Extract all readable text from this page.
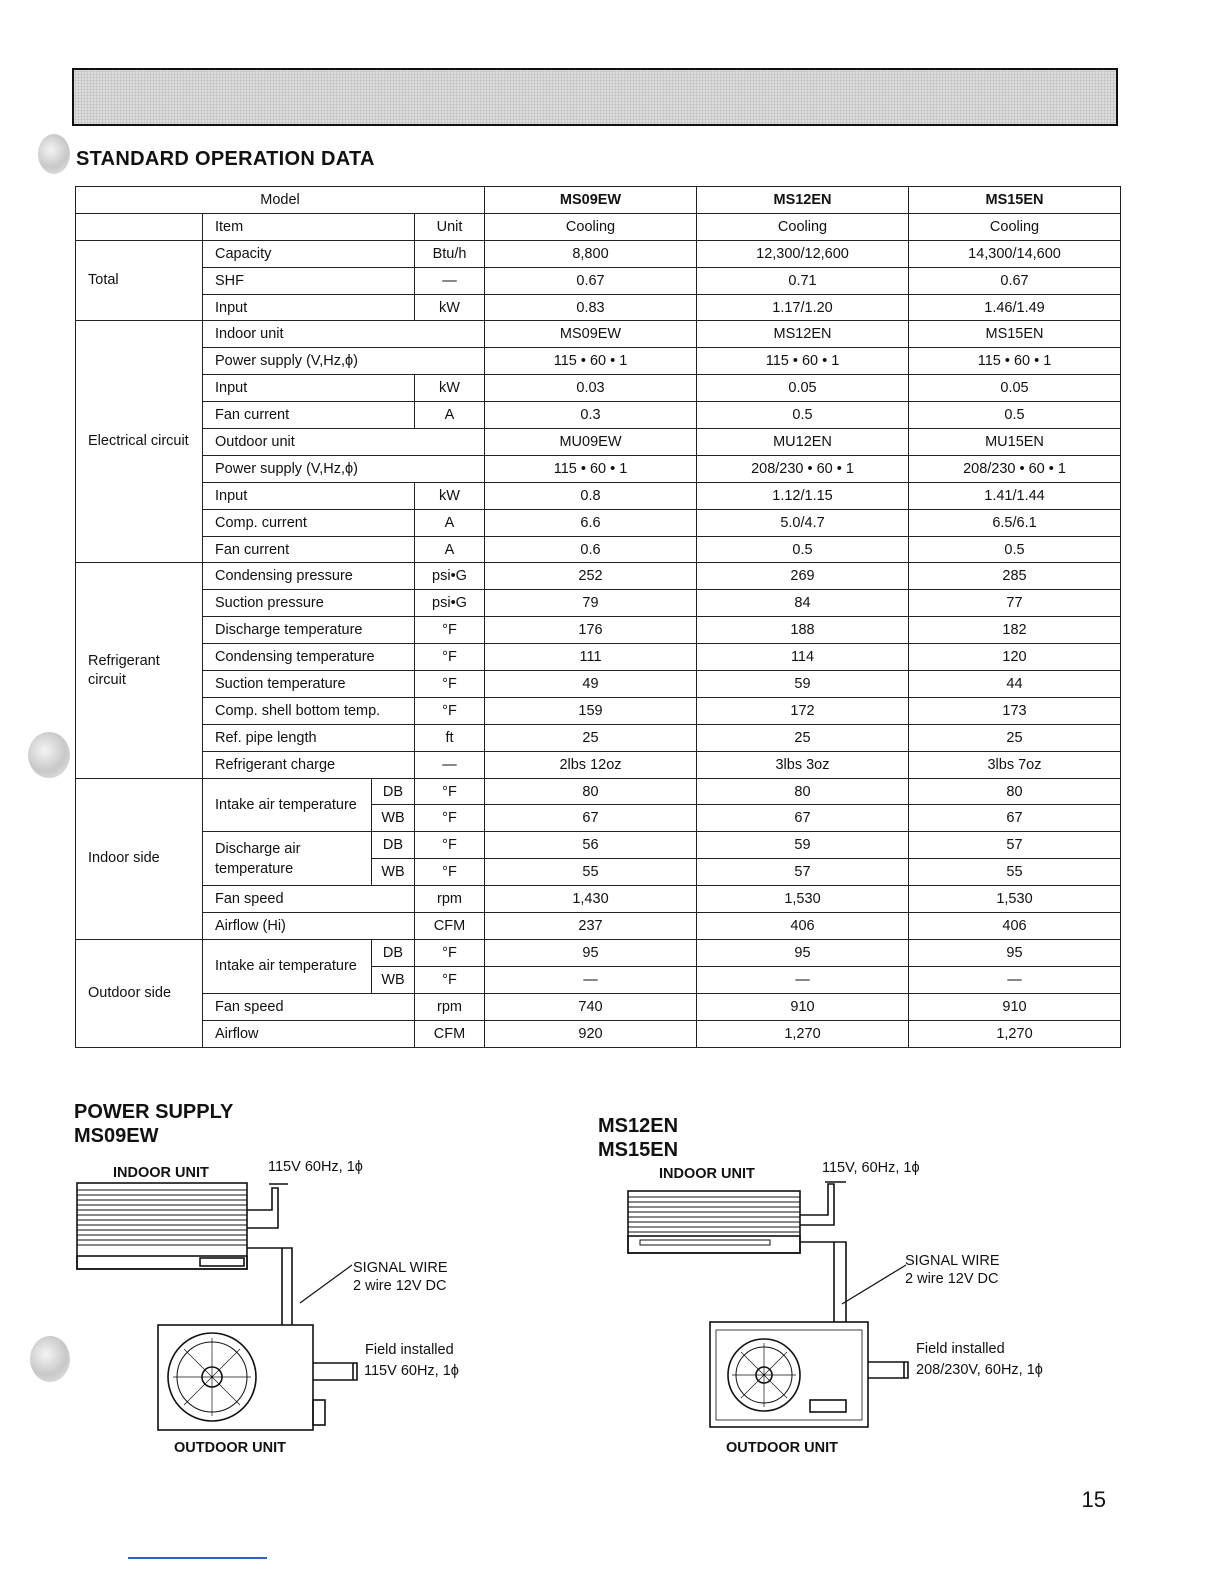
STANDARD OPERATION DATA
Model				MS09EW	MS12EN	MS15EN
	Item		Unit	Cooling	Cooling	Cooling
Total	Capacity		Btu/h	8,800	12,300/12,600	14,300/14,600
	SHF		—	0.67	0.71	0.67
	Input		kW	0.83	1.17/1.20	1.46/1.49
Electrical circuit	Indoor unit			MS09EW	MS12EN	MS15EN
	Power supply (V,Hz,ϕ)			115 • 60 • 1	115 • 60 • 1	115 • 60 • 1
	Input		kW	0.03	0.05	0.05
	Fan current		A	0.3	0.5	0.5
	Outdoor unit			MU09EW	MU12EN	MU15EN
	Power supply (V,Hz,ϕ)			115 • 60 • 1	208/230 • 60 • 1	208/230 • 60 • 1
	Input		kW	0.8	1.12/1.15	1.41/1.44
	Comp. current		A	6.6	5.0/4.7	6.5/6.1
	Fan current		A	0.6	0.5	0.5
Refrigerant circuit	Condensing pressure		psi•G	252	269	285
	Suction pressure		psi•G	79	84	77
	Discharge temperature		°F	176	188	182
	Condensing temperature		°F	111	114	120
	Suction temperature		°F	49	59	44
	Comp. shell bottom temp.		°F	159	172	173
	Ref. pipe length		ft	25	25	25
	Refrigerant charge		—	2lbs 12oz	3lbs 3oz	3lbs 7oz
Indoor side	Intake air temperature	DB	°F	80	80	80
		WB	°F	67	67	67
	Discharge air temperature	DB	°F	56	59	57
		WB	°F	55	57	55
	Fan speed		rpm	1,430	1,530	1,530
	Airflow (Hi)		CFM	237	406	406
Outdoor side	Intake air temperature	DB	°F	95	95	95
		WB	°F	—	—	—
	Fan speed		rpm	740	910	910
	Airflow		CFM	920	1,270	1,270
POWER SUPPLY
MS09EW
INDOOR UNIT	115V 60Hz, 1ϕ
SIGNAL WIRE
2 wire 12V DC
Field installed
115V 60Hz, 1ϕ
OUTDOOR UNIT
MS12EN
MS15EN
INDOOR UNIT	115V, 60Hz, 1ϕ
SIGNAL WIRE
2 wire 12V DC
Field installed
208/230V, 60Hz, 1ϕ
OUTDOOR UNIT
15
